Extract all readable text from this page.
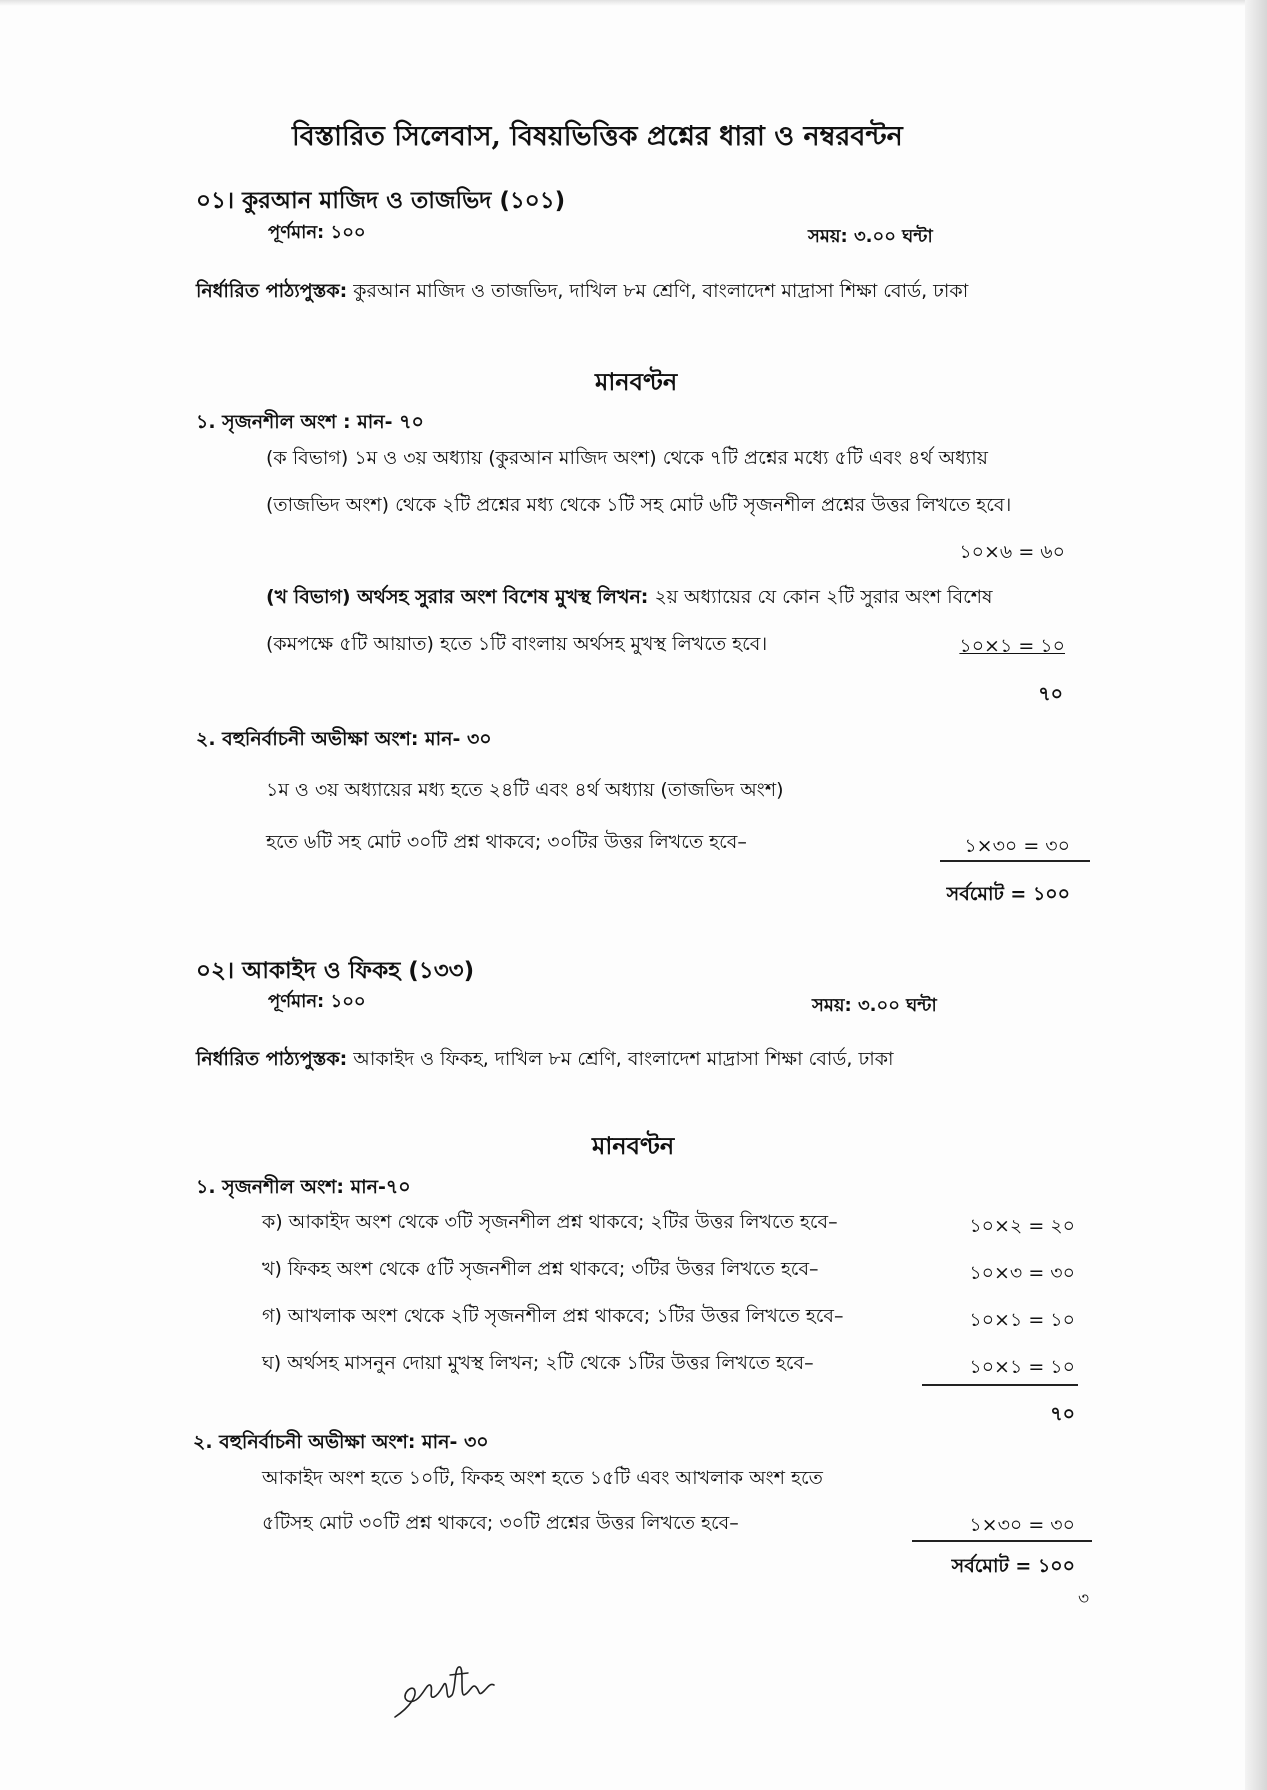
বিস্তারিত সিলেবাস, বিষয়ভিত্তিক প্রশ্নের ধারা ও নম্বরবন্টন
০১। কুরআন মাজিদ ও তাজভিদ (১০১)
পূর্ণমান: ১০০	সময়: ৩.০০ ঘন্টা
নির্ধারিত পাঠ্যপুস্তক: কুরআন মাজিদ ও তাজভিদ, দাখিল ৮ম শ্রেণি, বাংলাদেশ মাদ্রাসা শিক্ষা বোর্ড, ঢাকা
মানবণ্টন
১. সৃজনশীল অংশ : মান- ৭০
(ক বিভাগ) ১ম ও ৩য় অধ্যায় (কুরআন মাজিদ অংশ) থেকে ৭টি প্রশ্নের মধ্যে ৫টি এবং ৪র্থ অধ্যায়
(তাজভিদ অংশ) থেকে ২টি প্রশ্নের মধ্য থেকে ১টি সহ মোট ৬টি সৃজনশীল প্রশ্নের উত্তর লিখতে হবে।
১০×৬ = ৬০
(খ বিভাগ) অর্থসহ সুরার অংশ বিশেষ মুখস্থ লিখন: ২য় অধ্যায়ের যে কোন ২টি সুরার অংশ বিশেষ
(কমপক্ষে ৫টি আয়াত) হতে ১টি বাংলায় অর্থসহ মুখস্থ লিখতে হবে।	১০×১ = ১০
৭০
২. বহুনির্বাচনী অভীক্ষা অংশ: মান- ৩০
১ম ও ৩য় অধ্যায়ের মধ্য হতে ২৪টি এবং ৪র্থ অধ্যায় (তাজভিদ অংশ)
হতে ৬টি সহ মোট ৩০টি প্রশ্ন থাকবে; ৩০টির উত্তর লিখতে হবে–	১×৩০ = ৩০
সর্বমোট = ১০০
০২। আকাইদ ও ফিকহ (১৩৩)
পূর্ণমান: ১০০	সময়: ৩.০০ ঘন্টা
নির্ধারিত পাঠ্যপুস্তক: আকাইদ ও ফিকহ, দাখিল ৮ম শ্রেণি, বাংলাদেশ মাদ্রাসা শিক্ষা বোর্ড, ঢাকা
মানবণ্টন
১. সৃজনশীল অংশ: মান-৭০
ক) আকাইদ অংশ থেকে ৩টি সৃজনশীল প্রশ্ন থাকবে; ২টির উত্তর লিখতে হবে–	১০×২ = ২০
খ) ফিকহ অংশ থেকে ৫টি সৃজনশীল প্রশ্ন থাকবে; ৩টির উত্তর লিখতে হবে–	১০×৩ = ৩০
গ) আখলাক অংশ থেকে ২টি সৃজনশীল প্রশ্ন থাকবে; ১টির উত্তর লিখতে হবে–	১০×১ = ১০
ঘ) অর্থসহ মাসনুন দোয়া মুখস্থ লিখন; ২টি থেকে ১টির উত্তর লিখতে হবে–	১০×১ = ১০
৭০
২. বহুনির্বাচনী অভীক্ষা অংশ: মান- ৩০
আকাইদ অংশ হতে ১০টি, ফিকহ অংশ হতে ১৫টি এবং আখলাক অংশ হতে
৫টিসহ মোট ৩০টি প্রশ্ন থাকবে; ৩০টি প্রশ্নের উত্তর লিখতে হবে–	১×৩০ = ৩০
সর্বমোট = ১০০
৩
